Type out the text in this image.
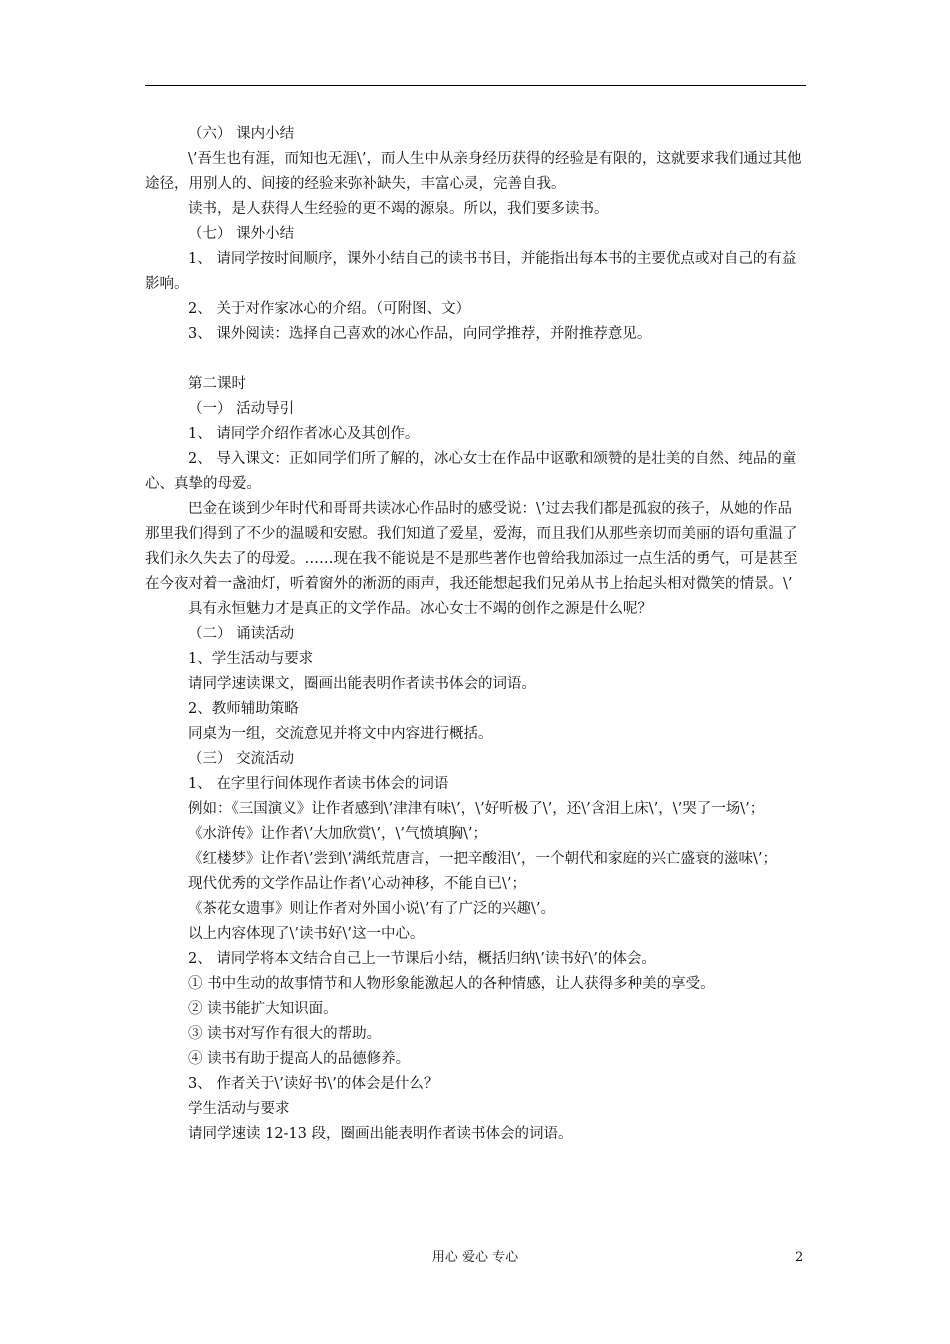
（六） 课内小结

\’吾生也有涯，而知也无涯\’，而人生中从亲身经历获得的经验是有限的，这就要求我们通过其他途径，用别人的、间接的经验来弥补缺失，丰富心灵，完善自我。

读书，是人获得人生经验的更不竭的源泉。所以，我们要多读书。

（七） 课外小结

1、 请同学按时间顺序，课外小结自己的读书书目，并能指出每本书的主要优点或对自己的有益影响。

2、 关于对作家冰心的介绍。（可附图、文）

3、 课外阅读：选择自己喜欢的冰心作品，向同学推荐，并附推荐意见。

第二课时

（一） 活动导引

1、 请同学介绍作者冰心及其创作。

2、 导入课文：正如同学们所了解的，冰心女士在作品中讴歌和颂赞的是壮美的自然、纯品的童心、真挚的母爱。

巴金在谈到少年时代和哥哥共读冰心作品时的感受说：\’过去我们都是孤寂的孩子，从她的作品那里我们得到了不少的温暖和安慰。我们知道了爱星，爱海，而且我们从那些亲切而美丽的语句重温了我们永久失去了的母爱。……现在我不能说是不是那些著作也曾给我加添过一点生活的勇气，可是甚至在今夜对着一盏油灯，听着窗外的淅沥的雨声，我还能想起我们兄弟从书上抬起头相对微笑的情景。\’

具有永恒魅力才是真正的文学作品。冰心女士不竭的创作之源是什么呢？

（二） 诵读活动

1、学生活动与要求

请同学速读课文，圈画出能表明作者读书体会的词语。

2、教师辅助策略

同桌为一组，交流意见并将文中内容进行概括。

（三） 交流活动

1、 在字里行间体现作者读书体会的词语

例如：《三国演义》让作者感到\’津津有味\’，\’好听极了\’，还\’含泪上床\’，\’哭了一场\’；

《水浒传》让作者\’大加欣赏\’，\’气愤填胸\’；

《红楼梦》让作者\’尝到\’满纸荒唐言，一把辛酸泪\’，一个朝代和家庭的兴亡盛衰的滋味\’；

现代优秀的文学作品让作者\’心动神移，不能自已\’；

《茶花女遗事》则让作者对外国小说\’有了广泛的兴趣\’。

以上内容体现了\’读书好\’这一中心。

2、 请同学将本文结合自己上一节课后小结，概括归纳\’读书好\’的体会。

① 书中生动的故事情节和人物形象能激起人的各种情感，让人获得多种美的享受。

② 读书能扩大知识面。

③ 读书对写作有很大的帮助。

④ 读书有助于提高人的品德修养。

3、 作者关于\’读好书\’的体会是什么？

学生活动与要求

请同学速读 12-13 段，圈画出能表明作者读书体会的词语。

用心 爱心 专心	2
